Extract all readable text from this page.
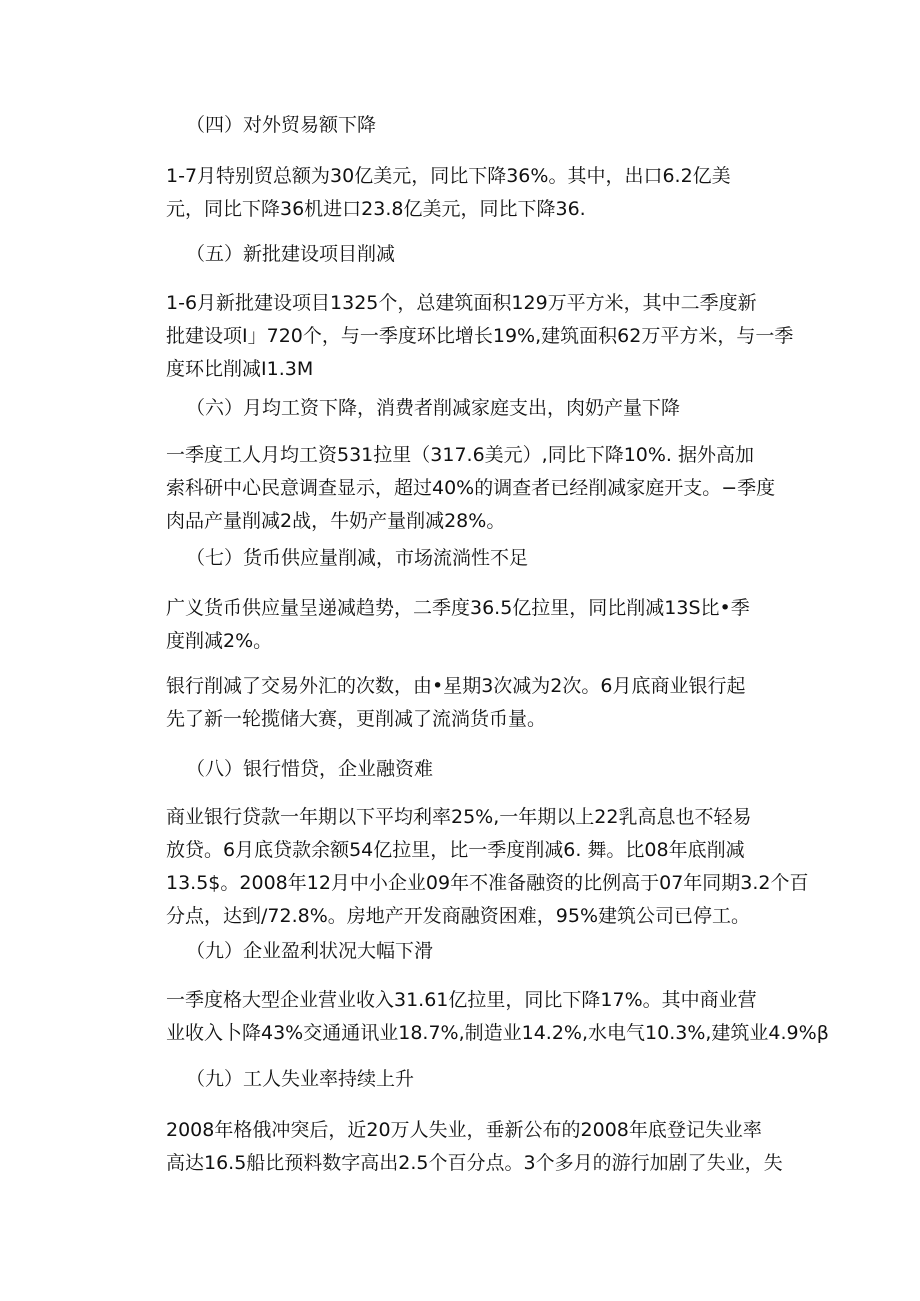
（四）对外贸易额下降
1-7月特别贸总额为30亿美元，同比下降36%。其中，出口6.2亿美
元，同比下降36机进口23.8亿美元，同比下降36.
（五）新批建设项目削减
1-6月新批建设项目1325个，总建筑面积129万平方米，其中二季度新
批建设项I」720个，与一季度环比增长19%,建筑面积62万平方米，与一季
度环比削减I1.3M
（六）月均工资下降，消费者削减家庭支出，肉奶产量下降
一季度工人月均工资531拉里（317.6美元）,同比下降10%. 据外高加
索科研中心民意调查显示，超过40%的调查者已经削减家庭开支。−季度
肉品产量削减2战，牛奶产量削减28%。
（七）货币供应量削减，市场流淌性不足
广义货币供应量呈递减趋势，二季度36.5亿拉里，同比削减13S比•季
度削减2%。
银行削减了交易外汇的次数，由•星期3次减为2次。6月底商业银行起
先了新一轮揽储大赛，更削减了流淌货币量。
（八）银行惜贷，企业融资难
商业银行贷款一年期以下平均利率25%,一年期以上22乳高息也不轻易
放贷。6月底贷款余额54亿拉里，比一季度削减6. 舞。比08年底削减
13.5$。2008年12月中小企业09年不准备融资的比例高于07年同期3.2个百
分点，达到/72.8%。房地产开发商融资困难，95%建筑公司已停工。
（九）企业盈利状况大幅下滑
一季度格大型企业营业收入31.61亿拉里，同比下降17%。其中商业营
业收入卜降43%交通通讯业18.7%,制造业14.2%,水电气10.3%,建筑业4.9%β
（九）工人失业率持续上升
2008年格俄冲突后，近20万人失业，垂新公布的2008年底登记失业率
高达16.5船比预料数字高出2.5个百分点。3个多月的游行加剧了失业，失
